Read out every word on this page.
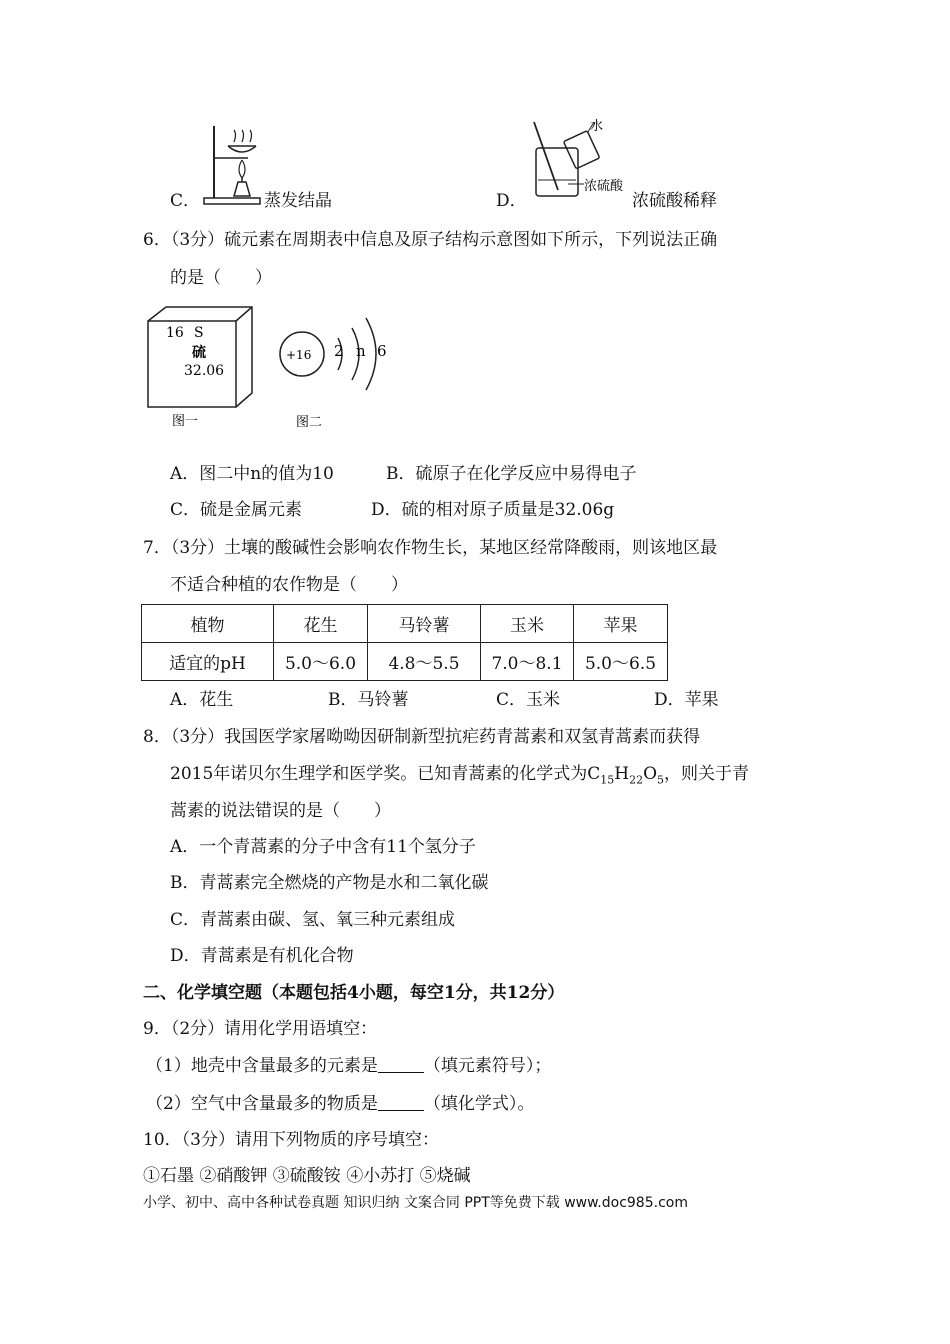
C．	蒸发结晶
水
浓硫酸
D．	浓硫酸稀释
6．（3分）硫元素在周期表中信息及原子结构示意图如下所示，下列说法正确
的是（　　）
16 S
硫
32.06
图一
+16 2 n 6
图二
A．图二中n的值为10	B．硫原子在化学反应中易得电子
C．硫是金属元素	D．硫的相对原子质量是32.06g
7．（3分）土壤的酸碱性会影响农作物生长，某地区经常降酸雨，则该地区最
不适合种植的农作物是（　　）
植物	花生	马铃薯	玉米	苹果
适宜的pH	5.0～6.0	4.8～5.5	7.0～8.1	5.0～6.5
A．花生	B．马铃薯	C．玉米	D．苹果
8．（3分）我国医学家屠呦呦因研制新型抗疟药青蒿素和双氢青蒿素而获得
2015年诺贝尔生理学和医学奖。已知青蒿素的化学式为$C_{15}H_{22}O_5$，则关于青
蒿素的说法错误的是（　　）
A．一个青蒿素的分子中含有11个氢分子
B．青蒿素完全燃烧的产物是水和二氧化碳
C．青蒿素由碳、氢、氧三种元素组成
D．青蒿素是有机化合物
二、化学填空题（本题包括4小题，每空1分，共12分）
9．（2分）请用化学用语填空：
（1）地壳中含量最多的元素是	（填元素符号）；
（2）空气中含量最多的物质是	（填化学式）。
10．（3分）请用下列物质的序号填空：
①石墨 ②硝酸钾 ③硫酸铵 ④小苏打 ⑤烧碱
小学、初中、高中各种试卷真题 知识归纳 文案合同 PPT等免费下载 www.doc985.com
